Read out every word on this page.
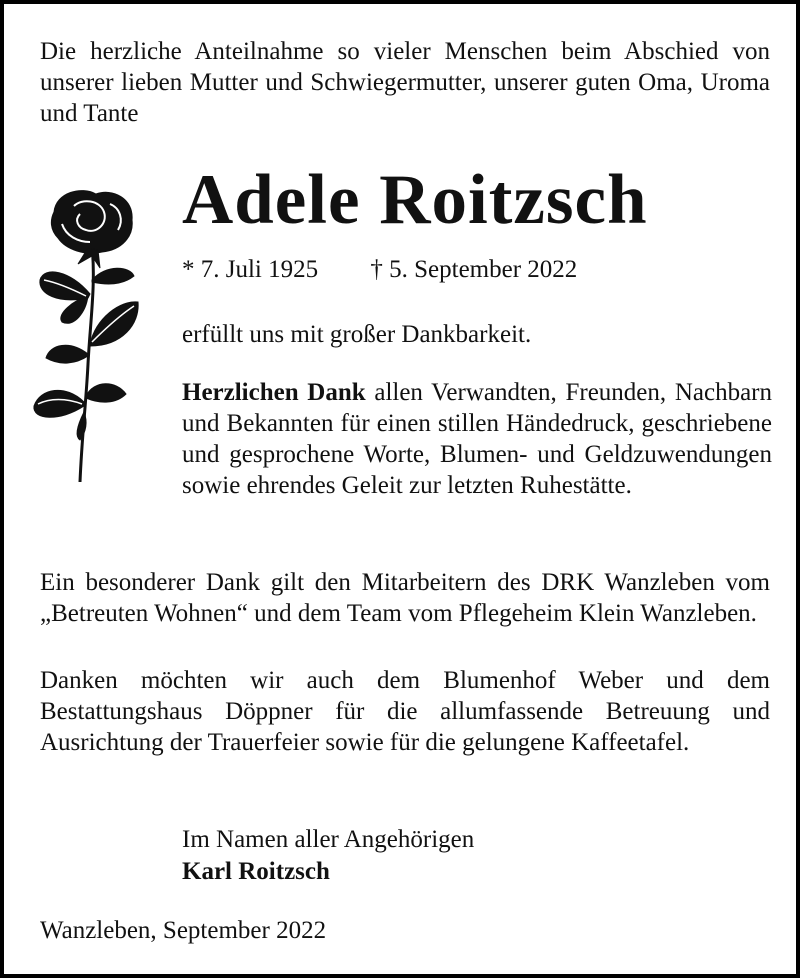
Die herzliche Anteilnahme so vieler Menschen beim Abschied von unserer lieben Mutter und Schwiegermutter, unserer guten Oma, Uroma und Tante

Adele Roitzsch
* 7. Juli 1925 † 5. September 2022

erfüllt uns mit großer Dankbarkeit.

Herzlichen Dank allen Verwandten, Freunden, Nachbarn und Bekannten für einen stillen Händedruck, geschriebene und gesprochene Worte, Blumen- und Geldzuwendungen sowie ehrendes Geleit zur letzten Ruhestätte.

Ein besonderer Dank gilt den Mitarbeitern des DRK Wanzleben vom „Betreuten Wohnen“ und dem Team vom Pflegeheim Klein Wanzleben.

Danken möchten wir auch dem Blumenhof Weber und dem Bestattungshaus Döppner für die allumfassende Betreuung und Ausrichtung der Trauerfeier sowie für die gelungene Kaffeetafel.

Im Namen aller Angehörigen
Karl Roitzsch
Wanzleben, September 2022
